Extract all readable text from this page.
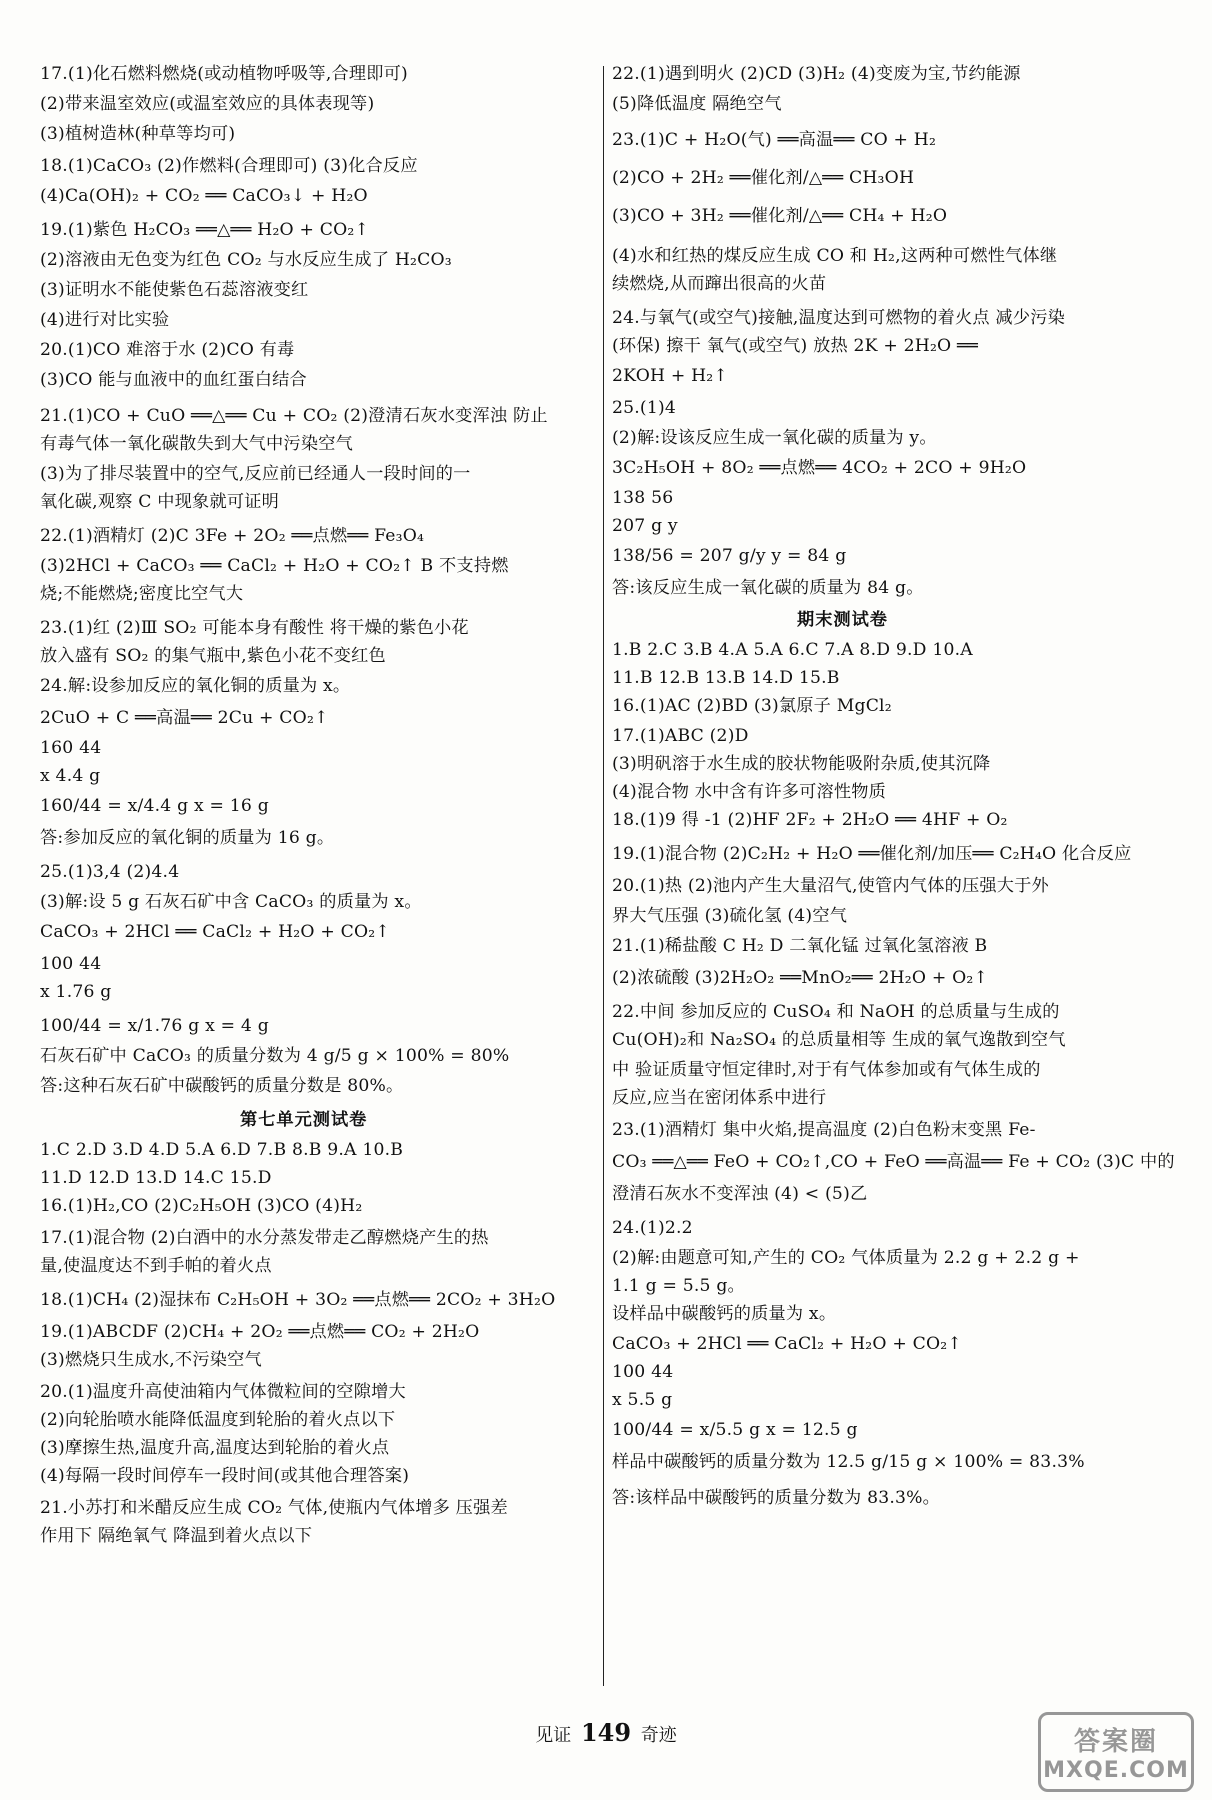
17.(1)化石燃料燃烧(或动植物呼吸等,合理即可)
(2)带来温室效应(或温室效应的具体表现等)
(3)植树造林(种草等均可)
18.(1)CaCO₃ (2)作燃料(合理即可) (3)化合反应
(4)Ca(OH)₂ + CO₂ ══ CaCO₃↓ + H₂O
19.(1)紫色 H₂CO₃ ══△══ H₂O + CO₂↑
(2)溶液由无色变为红色 CO₂ 与水反应生成了 H₂CO₃
(3)证明水不能使紫色石蕊溶液变红
(4)进行对比实验
20.(1)CO 难溶于水 (2)CO 有毒
(3)CO 能与血液中的血红蛋白结合
21.(1)CO + CuO ══△══ Cu + CO₂ (2)澄清石灰水变浑浊 防止
有毒气体一氧化碳散失到大气中污染空气
(3)为了排尽装置中的空气,反应前已经通人一段时间的一
氧化碳,观察 C 中现象就可证明
22.(1)酒精灯 (2)C 3Fe + 2O₂ ══点燃══ Fe₃O₄
(3)2HCl + CaCO₃ ══ CaCl₂ + H₂O + CO₂↑ B 不支持燃
烧;不能燃烧;密度比空气大
23.(1)红 (2)Ⅲ SO₂ 可能本身有酸性 将干燥的紫色小花
放入盛有 SO₂ 的集气瓶中,紫色小花不变红色
24.解:设参加反应的氧化铜的质量为 x。
2CuO + C ══高温══ 2Cu + CO₂↑
160 44
x 4.4 g
160/44 = x/4.4 g x = 16 g
答:参加反应的氧化铜的质量为 16 g。
25.(1)3,4 (2)4.4
(3)解:设 5 g 石灰石矿中含 CaCO₃ 的质量为 x。
CaCO₃ + 2HCl ══ CaCl₂ + H₂O + CO₂↑
100 44
x 1.76 g
100/44 = x/1.76 g x = 4 g
石灰石矿中 CaCO₃ 的质量分数为 4 g/5 g × 100% = 80%
答:这种石灰石矿中碳酸钙的质量分数是 80%。
第七单元测试卷
1.C 2.D 3.D 4.D 5.A 6.D 7.B 8.B 9.A 10.B
11.D 12.D 13.D 14.C 15.D
16.(1)H₂,CO (2)C₂H₅OH (3)CO (4)H₂
17.(1)混合物 (2)白酒中的水分蒸发带走乙醇燃烧产生的热
量,使温度达不到手帕的着火点
18.(1)CH₄ (2)湿抹布 C₂H₅OH + 3O₂ ══点燃══ 2CO₂ + 3H₂O
19.(1)ABCDF (2)CH₄ + 2O₂ ══点燃══ CO₂ + 2H₂O
(3)燃烧只生成水,不污染空气
20.(1)温度升高使油箱内气体微粒间的空隙增大
(2)向轮胎喷水能降低温度到轮胎的着火点以下
(3)摩擦生热,温度升高,温度达到轮胎的着火点
(4)每隔一段时间停车一段时间(或其他合理答案)
21.小苏打和米醋反应生成 CO₂ 气体,使瓶内气体增多 压强差
作用下 隔绝氧气 降温到着火点以下
22.(1)遇到明火 (2)CD (3)H₂ (4)变废为宝,节约能源
(5)降低温度 隔绝空气
23.(1)C + H₂O(气) ══高温══ CO + H₂
(2)CO + 2H₂ ══催化剂/△══ CH₃OH
(3)CO + 3H₂ ══催化剂/△══ CH₄ + H₂O
(4)水和红热的煤反应生成 CO 和 H₂,这两种可燃性气体继
续燃烧,从而蹿出很高的火苗
24.与氧气(或空气)接触,温度达到可燃物的着火点 减少污染
(环保) 擦干 氧气(或空气) 放热 2K + 2H₂O ══
2KOH + H₂↑
25.(1)4
(2)解:设该反应生成一氧化碳的质量为 y。
3C₂H₅OH + 8O₂ ══点燃══ 4CO₂ + 2CO + 9H₂O
138 56
207 g y
138/56 = 207 g/y y = 84 g
答:该反应生成一氧化碳的质量为 84 g。
期末测试卷
1.B 2.C 3.B 4.A 5.A 6.C 7.A 8.D 9.D 10.A
11.B 12.B 13.B 14.D 15.B
16.(1)AC (2)BD (3)氯原子 MgCl₂
17.(1)ABC (2)D
(3)明矾溶于水生成的胶状物能吸附杂质,使其沉降
(4)混合物 水中含有许多可溶性物质
18.(1)9 得 -1 (2)HF 2F₂ + 2H₂O ══ 4HF + O₂
19.(1)混合物 (2)C₂H₂ + H₂O ══催化剂/加压══ C₂H₄O 化合反应
20.(1)热 (2)池内产生大量沼气,使管内气体的压强大于外
界大气压强 (3)硫化氢 (4)空气
21.(1)稀盐酸 C H₂ D 二氧化锰 过氧化氢溶液 B
(2)浓硫酸 (3)2H₂O₂ ══MnO₂══ 2H₂O + O₂↑
22.中间 参加反应的 CuSO₄ 和 NaOH 的总质量与生成的
Cu(OH)₂和 Na₂SO₄ 的总质量相等 生成的氧气逸散到空气
中 验证质量守恒定律时,对于有气体参加或有气体生成的
反应,应当在密闭体系中进行
23.(1)酒精灯 集中火焰,提高温度 (2)白色粉末变黑 Fe-
CO₃ ══△══ FeO + CO₂↑,CO + FeO ══高温══ Fe + CO₂ (3)C 中的
澄清石灰水不变浑浊 (4) < (5)乙
24.(1)2.2
(2)解:由题意可知,产生的 CO₂ 气体质量为 2.2 g + 2.2 g +
1.1 g = 5.5 g。
设样品中碳酸钙的质量为 x。
CaCO₃ + 2HCl ══ CaCl₂ + H₂O + CO₂↑
100 44
x 5.5 g
100/44 = x/5.5 g x = 12.5 g
样品中碳酸钙的质量分数为 12.5 g/15 g × 100% = 83.3%
答:该样品中碳酸钙的质量分数为 83.3%。
见证 149 奇迹	答案圈
MXQE.COM
